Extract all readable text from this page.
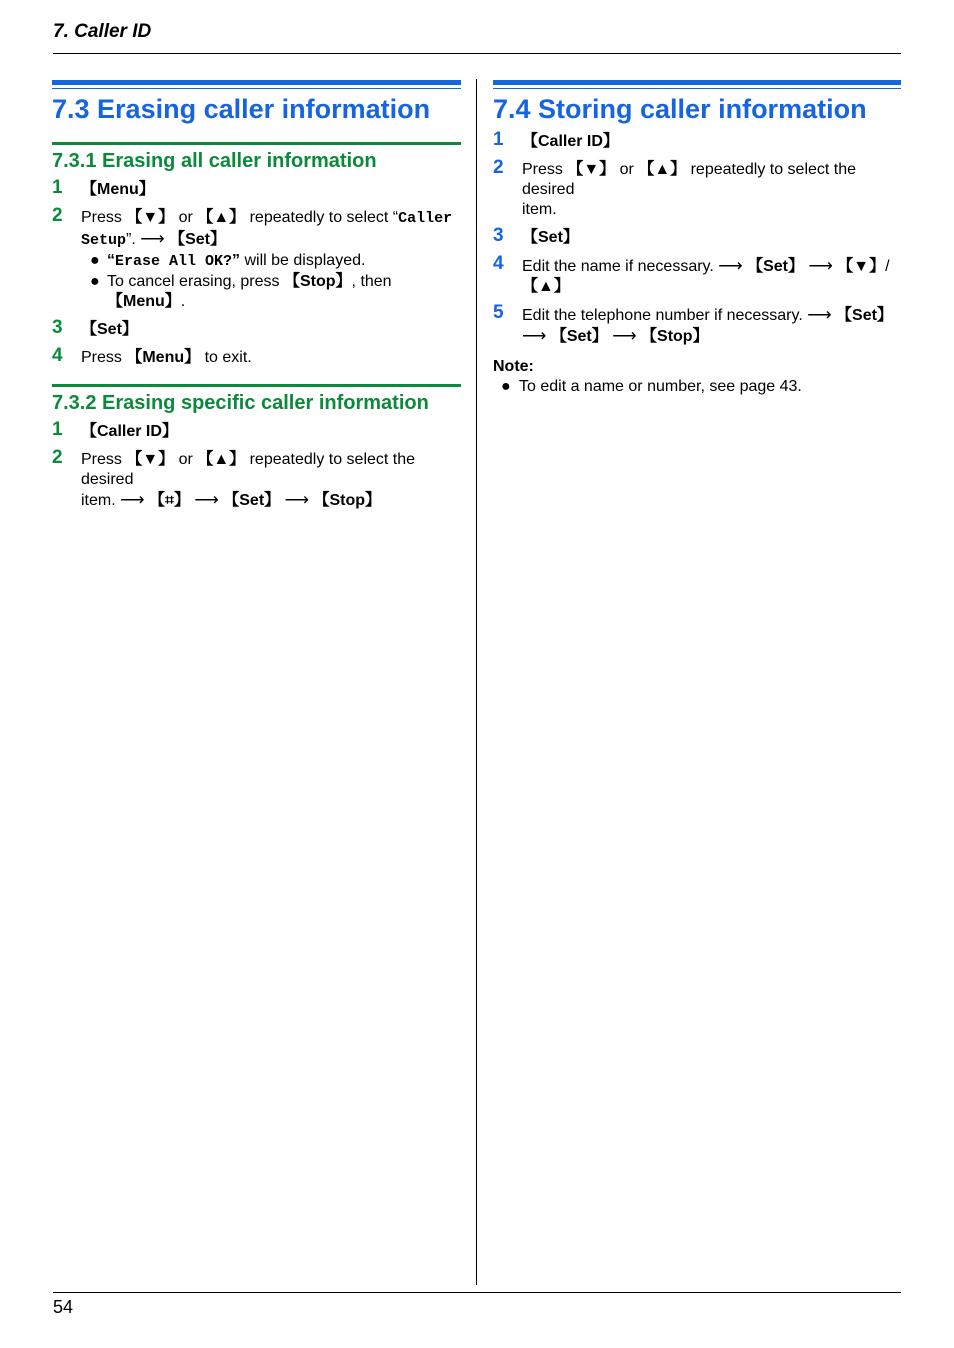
7. Caller ID
7.3 Erasing caller information
7.3.1 Erasing all caller information
1 【Menu】
2 Press 【▼】 or 【▲】 repeatedly to select “Caller
Setup”. ⟶ 【Set】
● “Erase All OK?” will be displayed.
● To cancel erasing, press 【Stop】, then 【Menu】.
3 【Set】
4 Press 【Menu】 to exit.
7.3.2 Erasing specific caller information
1 【Caller ID】
2 Press 【▼】 or 【▲】 repeatedly to select the desired
item. ⟶ 【⌗】 ⟶ 【Set】 ⟶ 【Stop】
7.4 Storing caller information
1 【Caller ID】
2 Press 【▼】 or 【▲】 repeatedly to select the desired
item.
3 【Set】
4 Edit the name if necessary. ⟶ 【Set】 ⟶ 【▼】/【▲】
5 Edit the telephone number if necessary. ⟶ 【Set】
⟶ 【Set】 ⟶ 【Stop】
Note:
● To edit a name or number, see page 43.
54
